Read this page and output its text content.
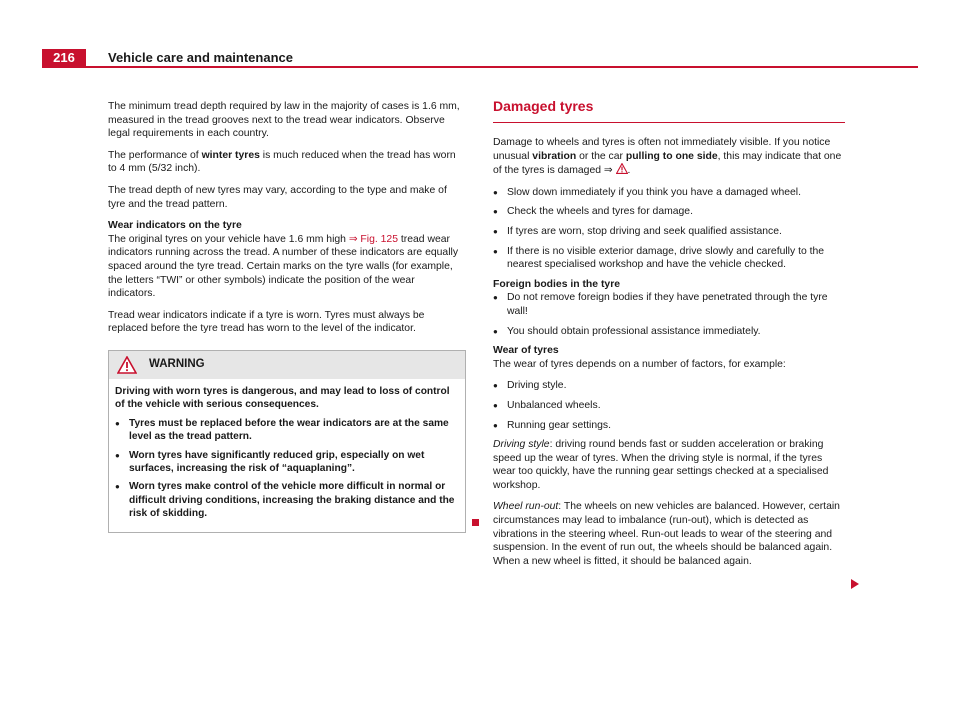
216	Vehicle care and maintenance

The minimum tread depth required by law in the majority of cases is 1.6 mm, measured in the tread grooves next to the tread wear indicators. Observe legal requirements in each country.

The performance of winter tyres is much reduced when the tread has worn to 4 mm (5/32 inch).

The tread depth of new tyres may vary, according to the type and make of tyre and the tread pattern.

Wear indicators on the tyre

The original tyres on your vehicle have 1.6 mm high ⇒ Fig. 125 tread wear indicators running across the tread. A number of these indicators are equally spaced around the tyre tread. Certain marks on the tyre walls (for example, the letters “TWI” or other symbols) indicate the position of the wear indicators.

Tread wear indicators indicate if a tyre is worn. Tyres must always be replaced before the tyre tread has worn to the level of the indicator.

WARNING

Driving with worn tyres is dangerous, and may lead to loss of control of the vehicle with serious consequences.

● Tyres must be replaced before the wear indicators are at the same level as the tread pattern.

● Worn tyres have significantly reduced grip, especially on wet surfaces, increasing the risk of “aquaplaning”.

● Worn tyres make control of the vehicle more difficult in normal or difficult driving conditions, increasing the braking distance and the risk of skidding.

Damaged tyres

Damage to wheels and tyres is often not immediately visible. If you notice unusual vibration or the car pulling to one side, this may indicate that one of the tyres is damaged ⇒ .

● Slow down immediately if you think you have a damaged wheel.

● Check the wheels and tyres for damage.

● If tyres are worn, stop driving and seek qualified assistance.

● If there is no visible exterior damage, drive slowly and carefully to the nearest specialised workshop and have the vehicle checked.

Foreign bodies in the tyre

● Do not remove foreign bodies if they have penetrated through the tyre wall!

● You should obtain professional assistance immediately.

Wear of tyres

The wear of tyres depends on a number of factors, for example:

● Driving style.

● Unbalanced wheels.

● Running gear settings.

Driving style: driving round bends fast or sudden acceleration or braking speed up the wear of tyres. When the driving style is normal, if the tyres wear too quickly, have the running gear settings checked at a specialised workshop.

Wheel run-out: The wheels on new vehicles are balanced. However, certain circumstances may lead to imbalance (run-out), which is detected as vibrations in the steering wheel. Run-out leads to wear of the steering and suspension. In the event of run out, the wheels should be balanced again. When a new wheel is fitted, it should be balanced again.
